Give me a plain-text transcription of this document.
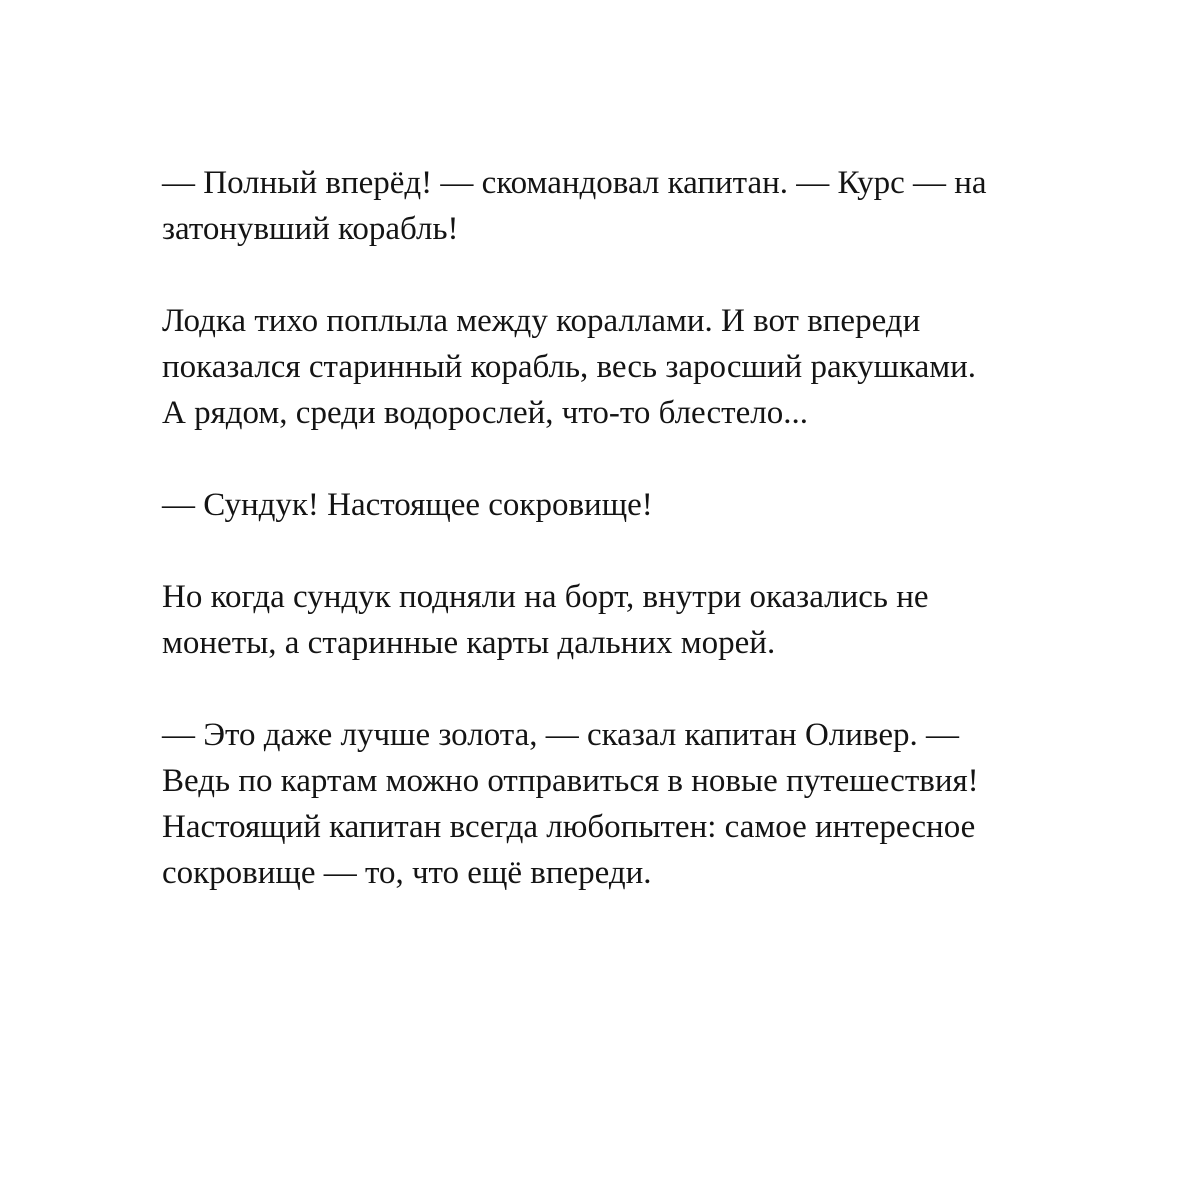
— Полный вперёд! — скомандовал капитан. — Курс — на
затонувший корабль!

Лодка тихо поплыла между кораллами. И вот впереди
показался старинный корабль, весь заросший ракушками.
А рядом, среди водорослей, что-то блестело...

— Сундук! Настоящее сокровище!

Но когда сундук подняли на борт, внутри оказались не
монеты, а старинные карты дальних морей.

— Это даже лучше золота, — сказал капитан Оливер. —
Ведь по картам можно отправиться в новые путешествия!
Настоящий капитан всегда любопытен: самое интересное
сокровище — то, что ещё впереди.
